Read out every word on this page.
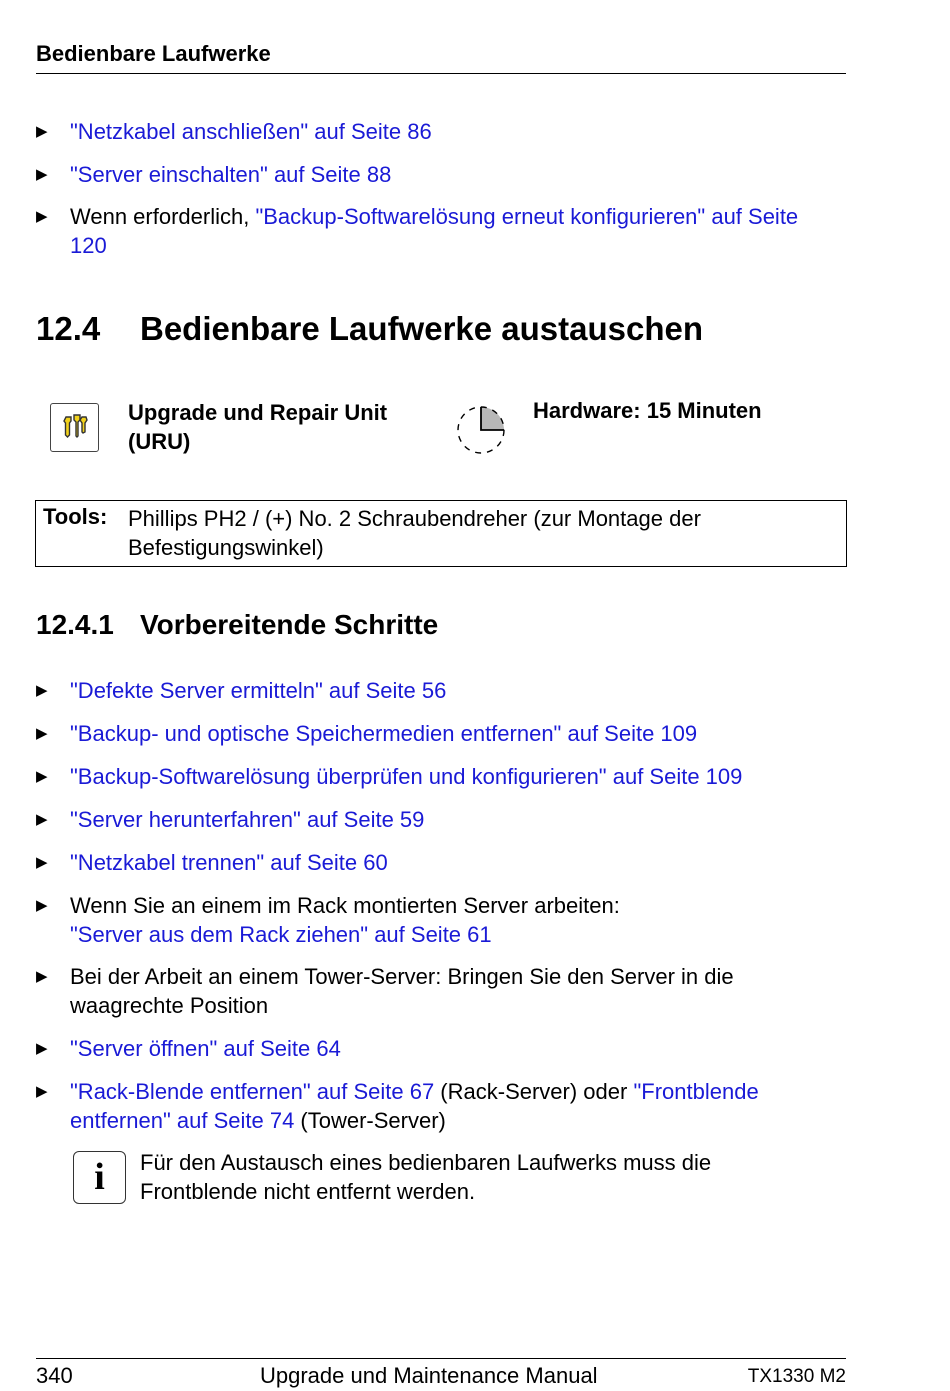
Bedienbare Laufwerke
▶ "Netzkabel anschließen" auf Seite 86
▶ "Server einschalten" auf Seite 88
▶ Wenn erforderlich, "Backup-Softwarelösung erneut konfigurieren" auf Seite 120
12.4 Bedienbare Laufwerke austauschen
Upgrade und Repair Unit
(URU)
Hardware: 15 Minuten
Tools: Phillips PH2 / (+) No. 2 Schraubendreher (zur Montage der
Befestigungswinkel)
12.4.1 Vorbereitende Schritte
▶ "Defekte Server ermitteln" auf Seite 56
▶ "Backup- und optische Speichermedien entfernen" auf Seite 109
▶ "Backup-Softwarelösung überprüfen und konfigurieren" auf Seite 109
▶ "Server herunterfahren" auf Seite 59
▶ "Netzkabel trennen" auf Seite 60
▶ Wenn Sie an einem im Rack montierten Server arbeiten:
"Server aus dem Rack ziehen" auf Seite 61
▶ Bei der Arbeit an einem Tower-Server: Bringen Sie den Server in die
waagrechte Position
▶ "Server öffnen" auf Seite 64
▶ "Rack-Blende entfernen" auf Seite 67 (Rack-Server) oder "Frontblende
entfernen" auf Seite 74 (Tower-Server)
i	Für den Austausch eines bedienbaren Laufwerks muss die
Frontblende nicht entfernt werden.
340	Upgrade und Maintenance Manual	TX1330 M2
